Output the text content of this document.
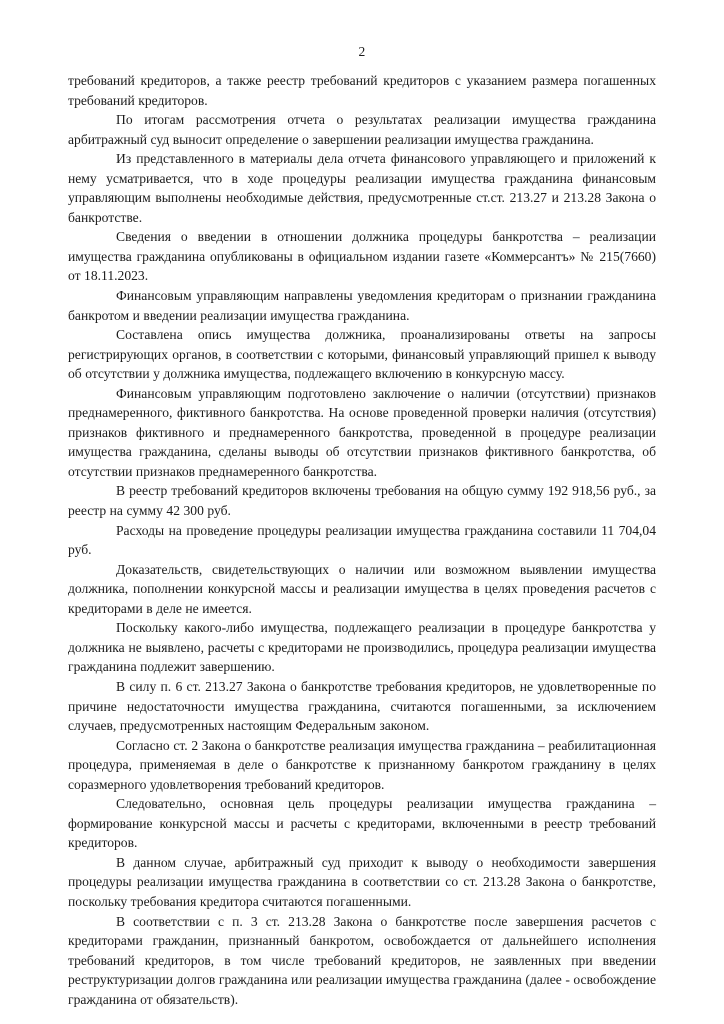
2

требований кредиторов, а также реестр требований кредиторов с указанием размера погашенных требований кредиторов.

По итогам рассмотрения отчета о результатах реализации имущества гражданина арбитражный суд выносит определение о завершении реализации имущества гражданина.

Из представленного в материалы дела отчета финансового управляющего и приложений к нему усматривается, что в ходе процедуры реализации имущества гражданина финансовым управляющим выполнены необходимые действия, предусмотренные ст.ст. 213.27 и 213.28 Закона о банкротстве.

Сведения о введении в отношении должника процедуры банкротства – реализации имущества гражданина опубликованы в официальном издании газете «Коммерсантъ» № 215(7660) от 18.11.2023.

Финансовым управляющим направлены уведомления кредиторам о признании гражданина банкротом и введении реализации имущества гражданина.

Составлена опись имущества должника, проанализированы ответы на запросы регистрирующих органов, в соответствии с которыми, финансовый управляющий пришел к выводу об отсутствии у должника имущества, подлежащего включению в конкурсную массу.

Финансовым управляющим подготовлено заключение о наличии (отсутствии) признаков преднамеренного, фиктивного банкротства. На основе проведенной проверки наличия (отсутствия) признаков фиктивного и преднамеренного банкротства, проведенной в процедуре реализации имущества гражданина, сделаны выводы об отсутствии признаков фиктивного банкротства, об отсутствии признаков преднамеренного банкротства.

В реестр требований кредиторов включены требования на общую сумму 192 918,56 руб., за реестр на сумму 42 300 руб.

Расходы на проведение процедуры реализации имущества гражданина составили 11 704,04 руб.

Доказательств, свидетельствующих о наличии или возможном выявлении имущества должника, пополнении конкурсной массы и реализации имущества в целях проведения расчетов с кредиторами в деле не имеется.

Поскольку какого-либо имущества, подлежащего реализации в процедуре банкротства у должника не выявлено, расчеты с кредиторами не производились, процедура реализации имущества гражданина подлежит завершению.

В силу п. 6 ст. 213.27 Закона о банкротстве требования кредиторов, не удовлетворенные по причине недостаточности имущества гражданина, считаются погашенными, за исключением случаев, предусмотренных настоящим Федеральным законом.

Согласно ст. 2 Закона о банкротстве реализация имущества гражданина – реабилитационная процедура, применяемая в деле о банкротстве к признанному банкротом гражданину в целях соразмерного удовлетворения требований кредиторов.

Следовательно, основная цель процедуры реализации имущества гражданина – формирование конкурсной массы и расчеты с кредиторами, включенными в реестр требований кредиторов.

В данном случае, арбитражный суд приходит к выводу о необходимости завершения процедуры реализации имущества гражданина в соответствии со ст. 213.28 Закона о банкротстве, поскольку требования кредитора считаются погашенными.

В соответствии с п. 3 ст. 213.28 Закона о банкротстве после завершения расчетов с кредиторами гражданин, признанный банкротом, освобождается от дальнейшего исполнения требований кредиторов, в том числе требований кредиторов, не заявленных при введении реструктуризации долгов гражданина или реализации имущества гражданина (далее - освобождение гражданина от обязательств).
